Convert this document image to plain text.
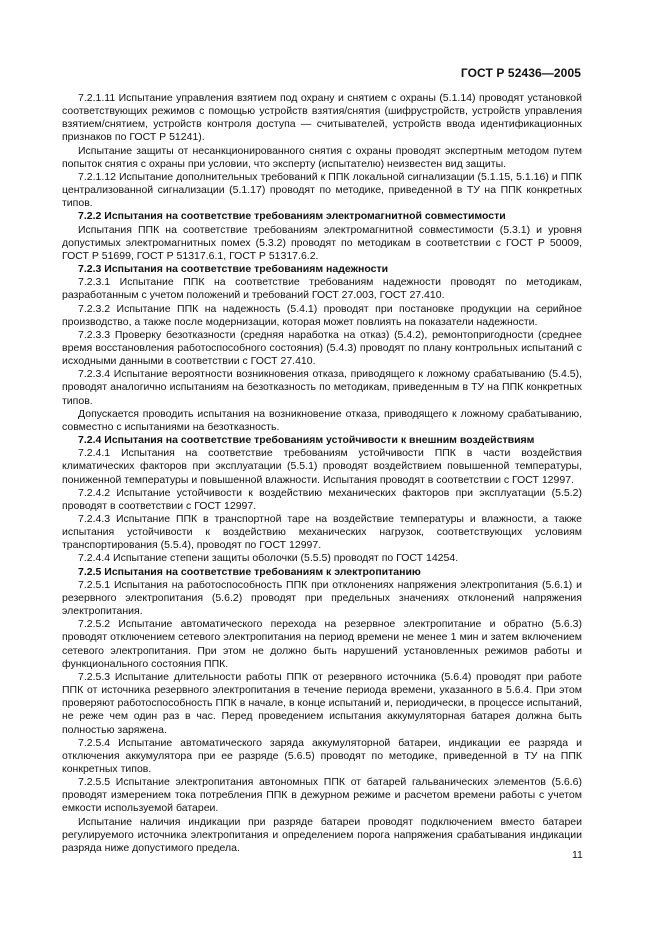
ГОСТ Р 52436—2005

7.2.1.11 Испытание управления взятием под охрану и снятием с охраны (5.1.14) проводят установкой соответствующих режимов с помощью устройств взятия/снятия (шифрустройств, устройств управления взятием/снятием, устройств контроля доступа — считывателей, устройств ввода идентификационных признаков по ГОСТ Р 51241).

Испытание защиты от несанкционированного снятия с охраны проводят экспертным методом путем попыток снятия с охраны при условии, что эксперту (испытателю) неизвестен вид защиты.

7.2.1.12 Испытание дополнительных требований к ППК локальной сигнализации (5.1.15, 5.1.16) и ППК централизованной сигнализации (5.1.17) проводят по методике, приведенной в ТУ на ППК конкретных типов.

7.2.2 Испытания на соответствие требованиям электромагнитной совместимости

Испытания ППК на соответствие требованиям электромагнитной совместимости (5.3.1) и уровня допустимых электромагнитных помех (5.3.2) проводят по методикам в соответствии с ГОСТ Р 50009, ГОСТ Р 51699, ГОСТ Р 51317.6.1, ГОСТ Р 51317.6.2.

7.2.3 Испытания на соответствие требованиям надежности

7.2.3.1 Испытание ППК на соответствие требованиям надежности проводят по методикам, разработанным с учетом положений и требований ГОСТ 27.003, ГОСТ 27.410.

7.2.3.2 Испытание ППК на надежность (5.4.1) проводят при постановке продукции на серийное производство, а также после модернизации, которая может повлиять на показатели надежности.

7.2.3.3 Проверку безотказности (средняя наработка на отказ) (5.4.2), ремонтопригодности (среднее время восстановления работоспособного состояния) (5.4.3) проводят по плану контрольных испытаний с исходными данными в соответствии с ГОСТ 27.410.

7.2.3.4 Испытание вероятности возникновения отказа, приводящего к ложному срабатыванию (5.4.5), проводят аналогично испытаниям на безотказность по методикам, приведенным в ТУ на ППК конкретных типов.

Допускается проводить испытания на возникновение отказа, приводящего к ложному срабатыванию, совместно с испытаниями на безотказность.

7.2.4 Испытания на соответствие требованиям устойчивости к внешним воздействиям

7.2.4.1 Испытания на соответствие требованиям устойчивости ППК в части воздействия климатических факторов при эксплуатации (5.5.1) проводят воздействием повышенной температуры, пониженной температуры и повышенной влажности. Испытания проводят в соответствии с ГОСТ 12997.

7.2.4.2 Испытание устойчивости к воздействию механических факторов при эксплуатации (5.5.2) проводят в соответствии с ГОСТ 12997.

7.2.4.3 Испытание ППК в транспортной таре на воздействие температуры и влажности, а также испытания устойчивости к воздействию механических нагрузок, соответствующих условиям транспортирования (5.5.4), проводят по ГОСТ 12997.

7.2.4.4 Испытание степени защиты оболочки (5.5.5) проводят по ГОСТ 14254.

7.2.5 Испытания на соответствие требованиям к электропитанию

7.2.5.1 Испытания на работоспособность ППК при отклонениях напряжения электропитания (5.6.1) и резервного электропитания (5.6.2) проводят при предельных значениях отклонений напряжения электропитания.

7.2.5.2 Испытание автоматического перехода на резервное электропитание и обратно (5.6.3) проводят отключением сетевого электропитания на период времени не менее 1 мин и затем включением сетевого электропитания. При этом не должно быть нарушений установленных режимов работы и функционального состояния ППК.

7.2.5.3 Испытание длительности работы ППК от резервного источника (5.6.4) проводят при работе ППК от источника резервного электропитания в течение периода времени, указанного в 5.6.4. При этом проверяют работоспособность ППК в начале, в конце испытаний и, периодически, в процессе испытаний, не реже чем один раз в час. Перед проведением испытания аккумуляторная батарея должна быть полностью заряжена.

7.2.5.4 Испытание автоматического заряда аккумуляторной батареи, индикации ее разряда и отключения аккумулятора при ее разряде (5.6.5) проводят по методике, приведенной в ТУ на ППК конкретных типов.

7.2.5.5 Испытание электропитания автономных ППК от батарей гальванических элементов (5.6.6) проводят измерением тока потребления ППК в дежурном режиме и расчетом времени работы с учетом емкости используемой батареи.

Испытание наличия индикации при разряде батареи проводят подключением вместо батареи регулируемого источника электропитания и определением порога напряжения срабатывания индикации разряда ниже допустимого предела.

11
